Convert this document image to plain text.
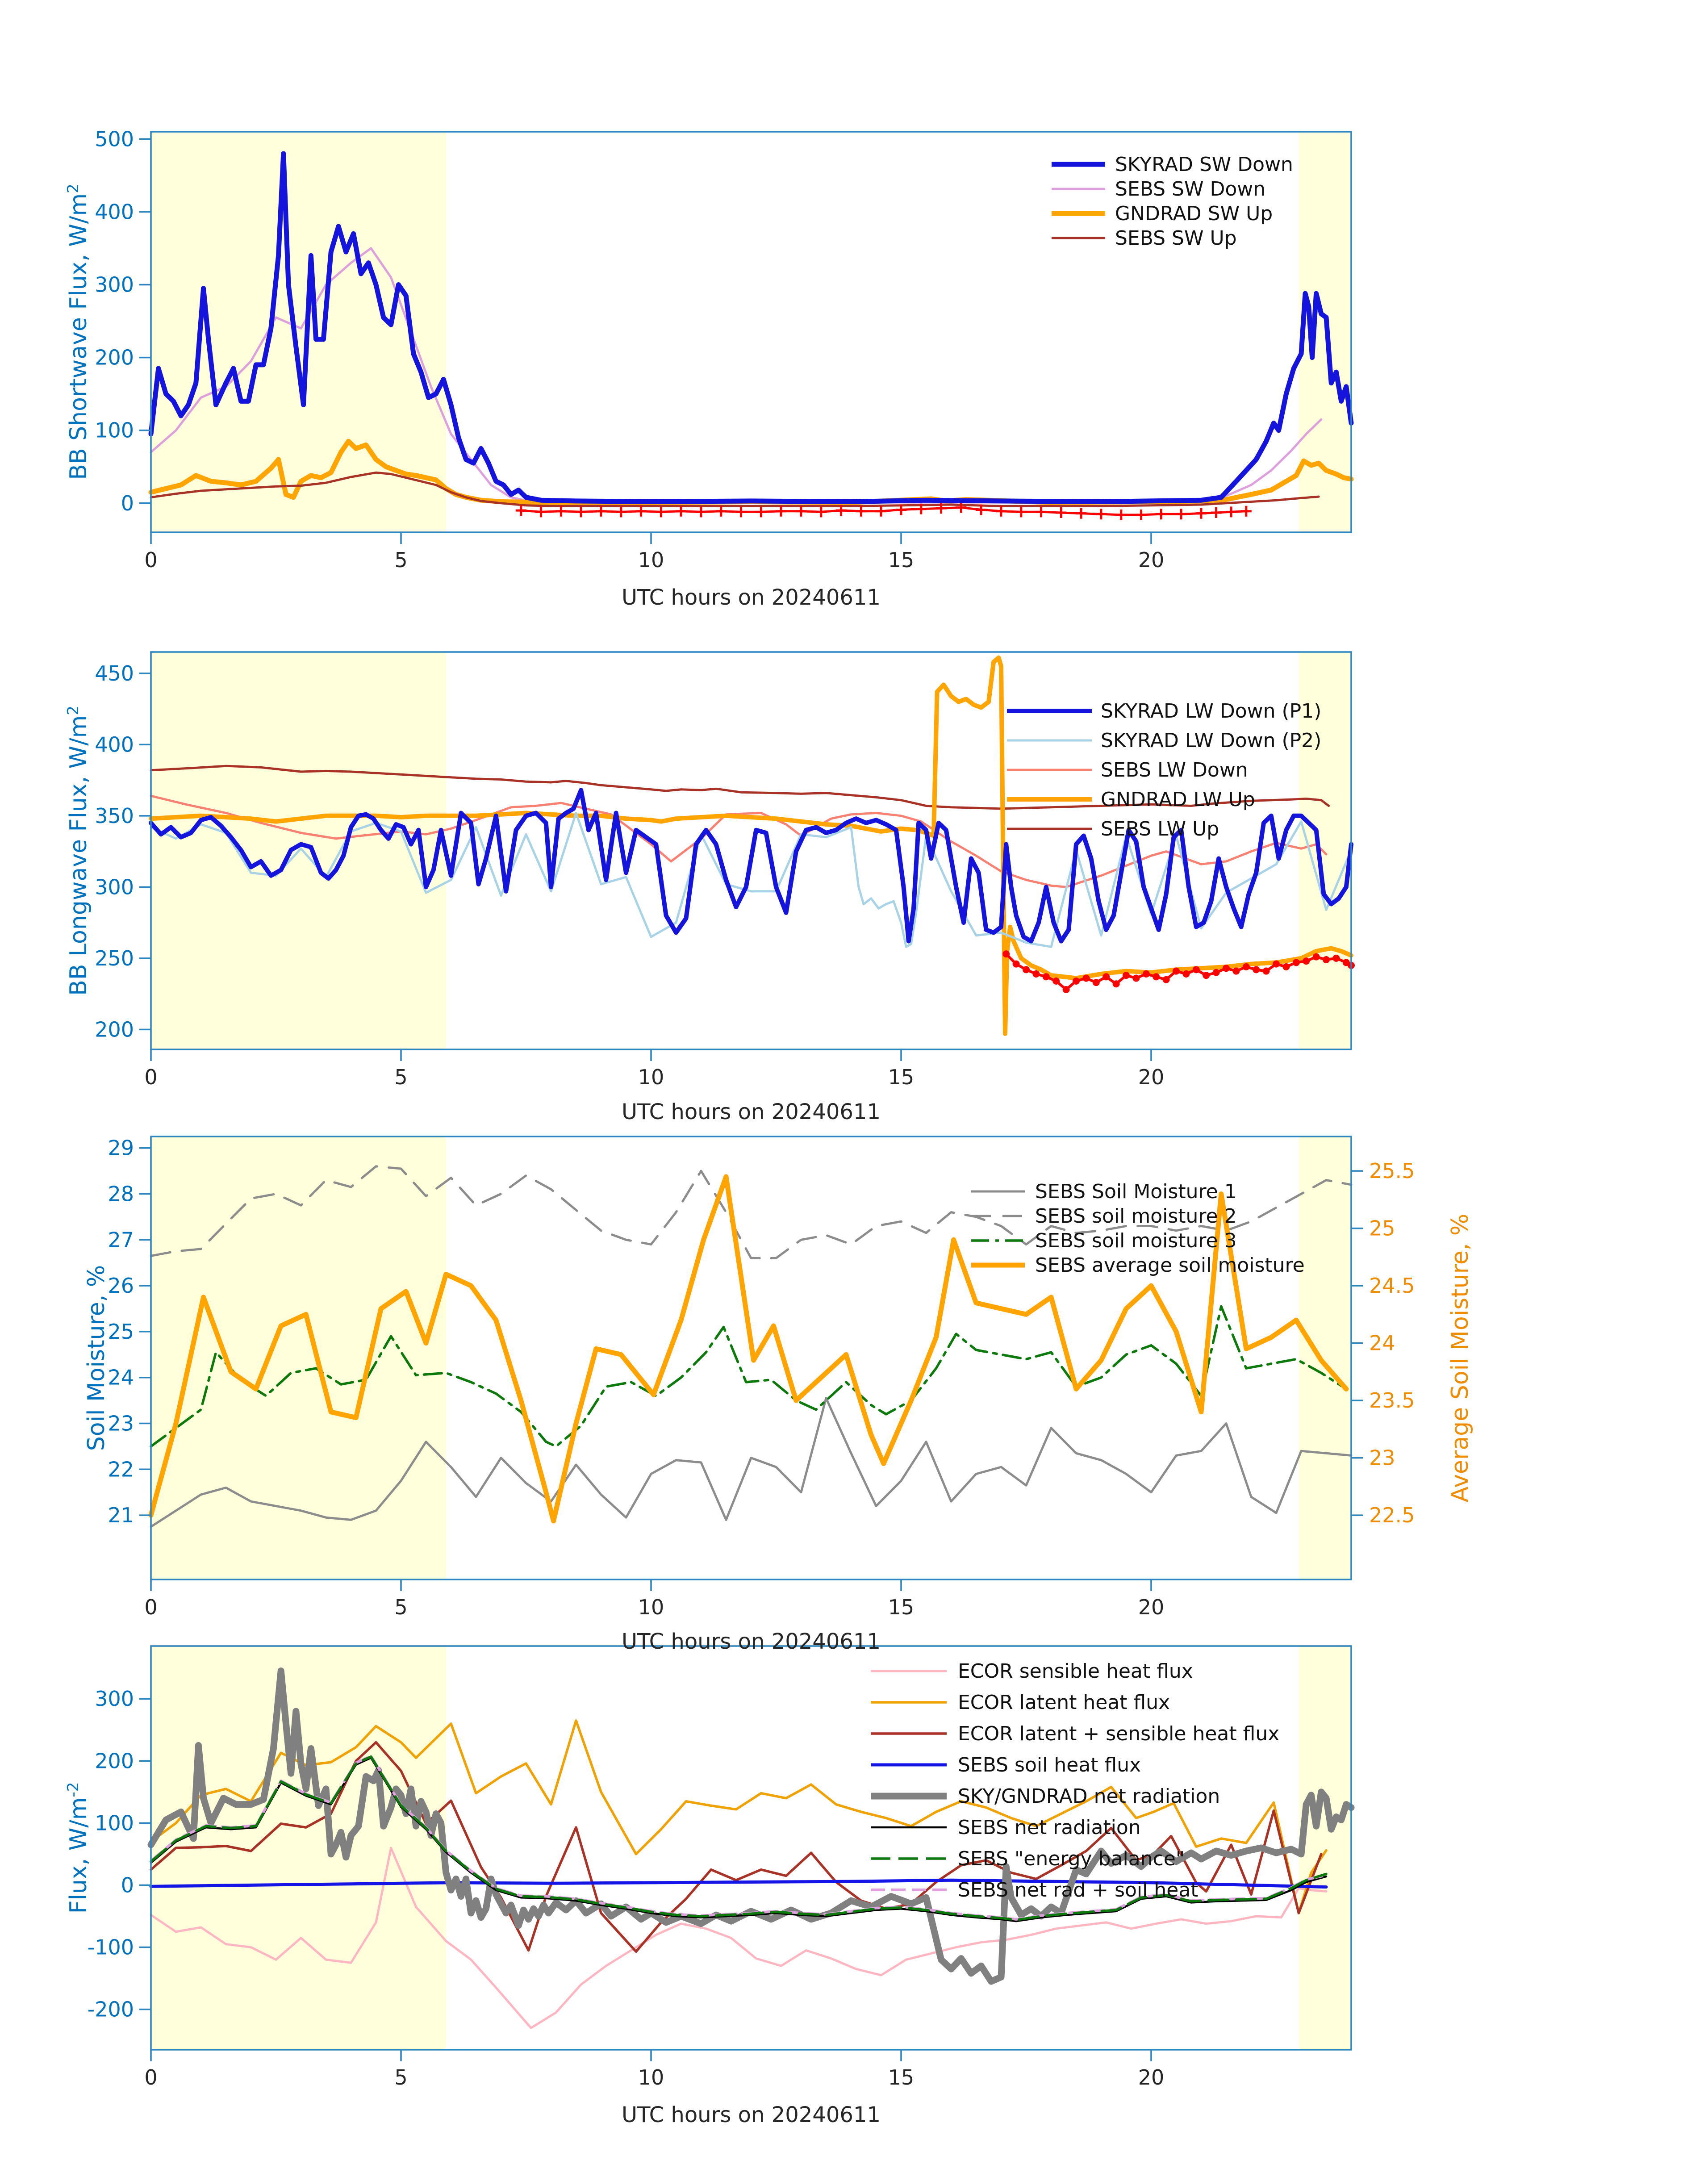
0	5	10	15	20
0
100
200
300
400
500
SKYRAD SW Down
SEBS SW Down
GNDRAD SW Up
SEBS SW Up
0	5	10	15	20
200
250
300
350
400
450
SKYRAD LW Down (P1)
SKYRAD LW Down (P2)
SEBS LW Down
GNDRAD LW Up
SEBS LW Up
0	5	10	15	20
21
22
23
24
25
26
27
28
29
22.5
23
23.5
24
24.5
25
25.5
SEBS Soil Moisture 1
SEBS soil moisture 2
SEBS soil moisture 3
SEBS average soil moisture
0	5	10	15	20
-200
-100
0
100
200
300
ECOR sensible heat flux
ECOR latent heat flux
ECOR latent + sensible heat flux
SEBS soil heat flux
SKY/GNDRAD net radiation
SEBS net radiation
SEBS "energy balance"
SEBS net rad + soil heat
BB Shortwave Flux, $W/m^2$
BB Longwave Flux, $W/m^2$
Soil Moisture, %	Average Soil Moisture, %
Flux, $W/m^{-2}$
UTC hours on 20240611
UTC hours on 20240611
UTC hours on 20240611
UTC hours on 20240611
